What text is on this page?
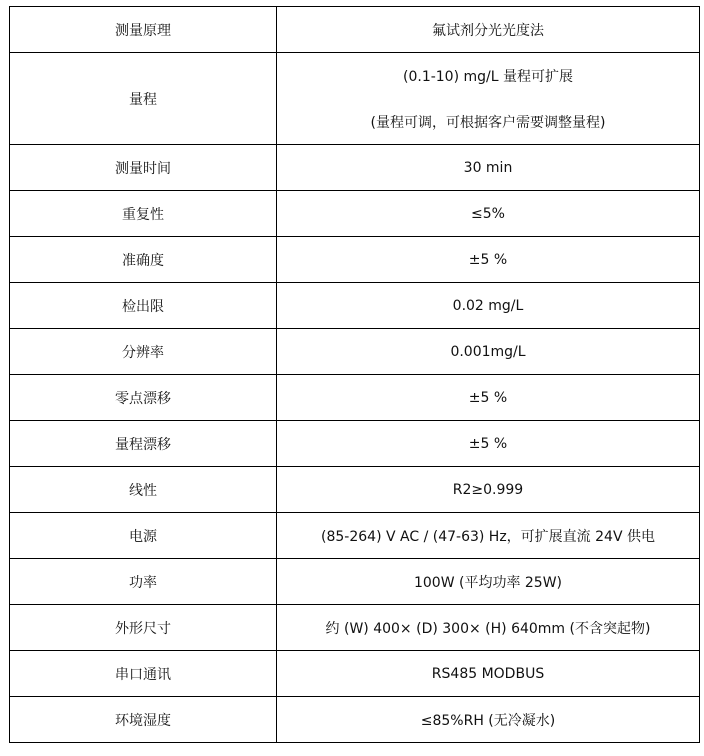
测量原理	氟试剂分光光度法
量程	(0.1-10) mg/L 量程可扩展
(量程可调，可根据客户需要调整量程)

测量时间	30 min
重复性	≤5%
准确度	±5 %
检出限	0.02 mg/L
分辨率	0.001mg/L
零点漂移	±5 %
量程漂移	±5 %
线性	R2≥0.999
电源	(85-264) V AC / (47-63) Hz，可扩展直流 24V 供电
功率	100W (平均功率 25W)
外形尺寸	约 (W) 400× (D) 300× (H) 640mm (不含突起物)
串口通讯	RS485 MODBUS
环境湿度	≤85%RH (无冷凝水)
